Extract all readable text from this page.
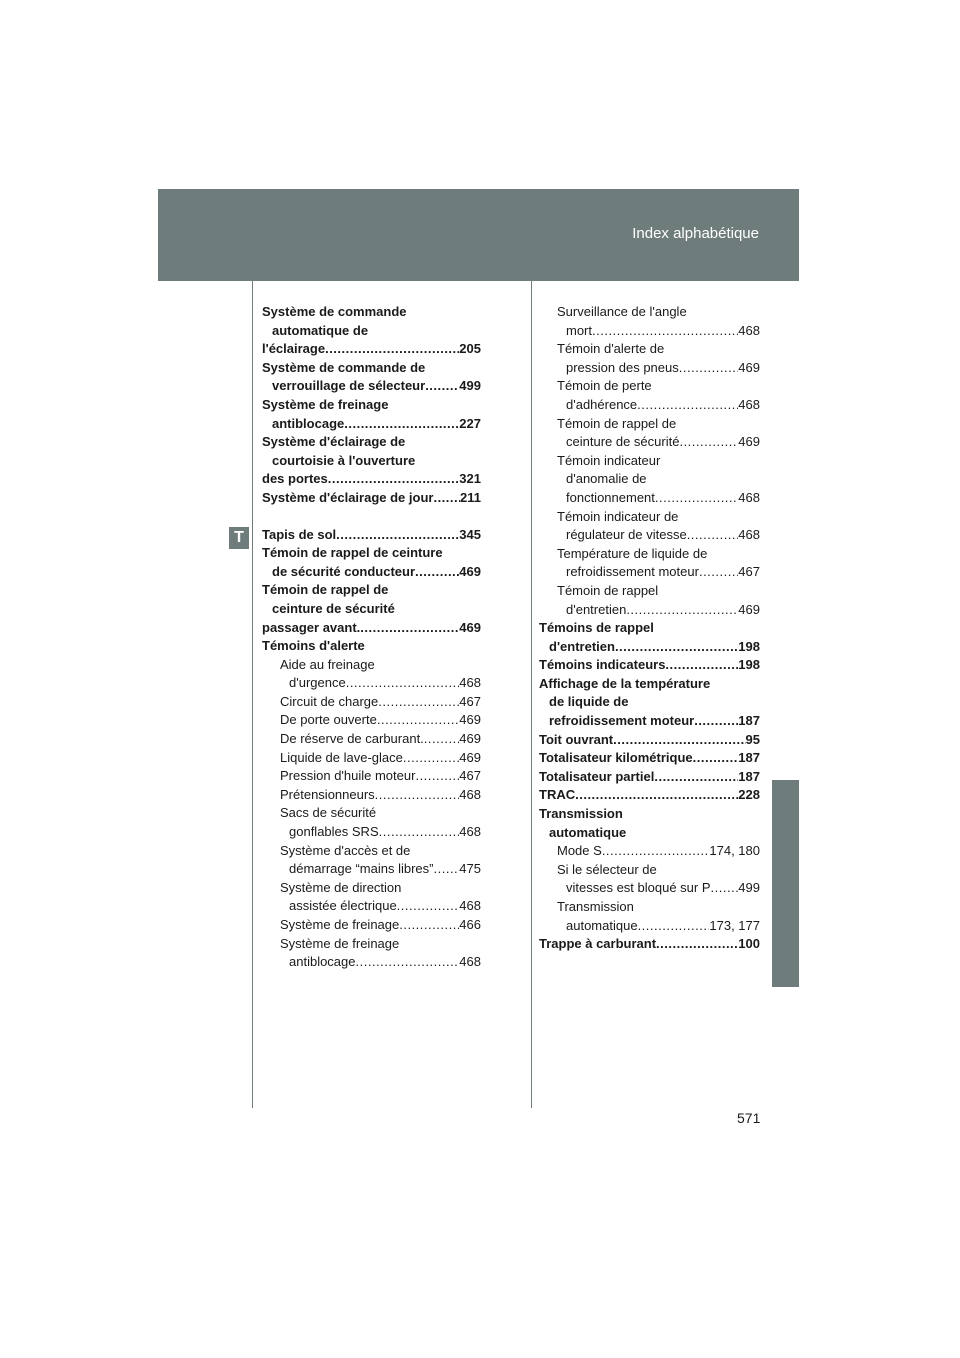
Index alphabétique
T
Système de commande
automatique de
l'éclairage .....	205
Système de commande de
verrouillage de sélecteur .....	499
Système de freinage
antiblocage .....	227
Système d'éclairage de
courtoisie à l'ouverture
des portes .....	321
Système d'éclairage de jour ..... 211
Tapis de sol .....	345
Témoin de rappel de ceinture
de sécurité conducteur .....	469
Témoin de rappel de
ceinture de sécurité
passager avant. .....	469
Témoins d'alerte
Aide au freinage
d'urgence .....	468
Circuit de charge .....	467
De porte ouverte .....	469
De réserve de carburant. .....	469
Liquide de lave-glace .....	469
Pression d'huile moteur .....	467
Prétensionneurs .....	468
Sacs de sécurité
gonflables SRS .....	468
Système d'accès et de
démarrage “mains libres” ..... 475
Système de direction
assistée électrique .....	468
Système de freinage .....	466
Système de freinage
antiblocage .....	468
Surveillance de l'angle
mort .....	468
Témoin d'alerte de
pression des pneus .....	469
Témoin de perte
d'adhérence .....	468
Témoin de rappel de
ceinture de sécurité .....	469
Témoin indicateur
d'anomalie de
fonctionnement .....	468
Témoin indicateur de
régulateur de vitesse .....	468
Température de liquide de
refroidissement moteur .....	467
Témoin de rappel
d'entretien .....	469
Témoins de rappel
d'entretien .....	198
Témoins indicateurs .....	198
Affichage de la température
de liquide de
refroidissement moteur .....	187
Toit ouvrant .....	95
Totalisateur kilométrique .....	187
Totalisateur partiel .....	187
TRAC .....	228
Transmission
automatique
Mode S .....	174, 180
Si le sélecteur de
vitesses est bloqué sur P ..... 499
Transmission
automatique .....	173, 177
Trappe à carburant .....	100
571
